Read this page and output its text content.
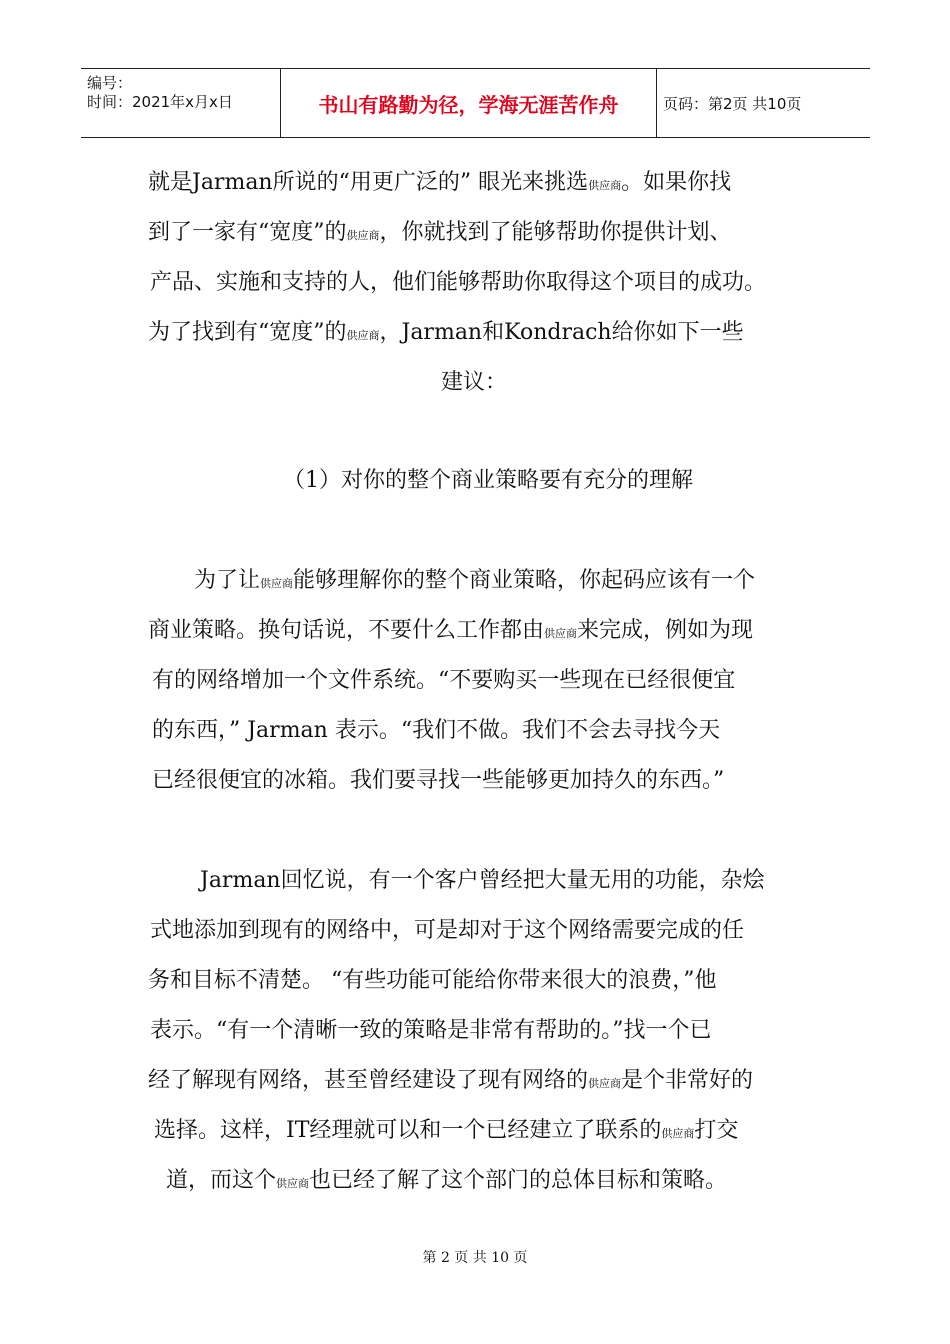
编号：
时间：2021年x月x日	书山有路勤为径，学海无涯苦作舟	页码：第2页 共10页
就是Jarman所说的“用更广泛的” 眼光来挑选供应商。如果你找
到了一家有“宽度”的供应商，你就找到了能够帮助你提供计划、
产品、实施和支持的人，他们能够帮助你取得这个项目的成功。
为了找到有“宽度”的供应商，Jarman和Kondrach给你如下一些
建议：
（1）对你的整个商业策略要有充分的理解
为了让供应商能够理解你的整个商业策略，你起码应该有一个
商业策略。换句话说，不要什么工作都由供应商来完成，例如为现
有的网络增加一个文件系统。“不要购买一些现在已经很便宜
的东西，” Jarman 表示。“我们不做。我们不会去寻找今天
已经很便宜的冰箱。我们要寻找一些能够更加持久的东西。”
Jarman回忆说，有一个客户曾经把大量无用的功能，杂烩
式地添加到现有的网络中，可是却对于这个网络需要完成的任
务和目标不清楚。 “有些功能可能给你带来很大的浪费，”他
表示。“有一个清晰一致的策略是非常有帮助的。”找一个已
经了解现有网络，甚至曾经建设了现有网络的供应商是个非常好的
选择。这样，IT经理就可以和一个已经建立了联系的供应商打交
道，而这个供应商也已经了解了这个部门的总体目标和策略。
第 2 页 共 10 页
